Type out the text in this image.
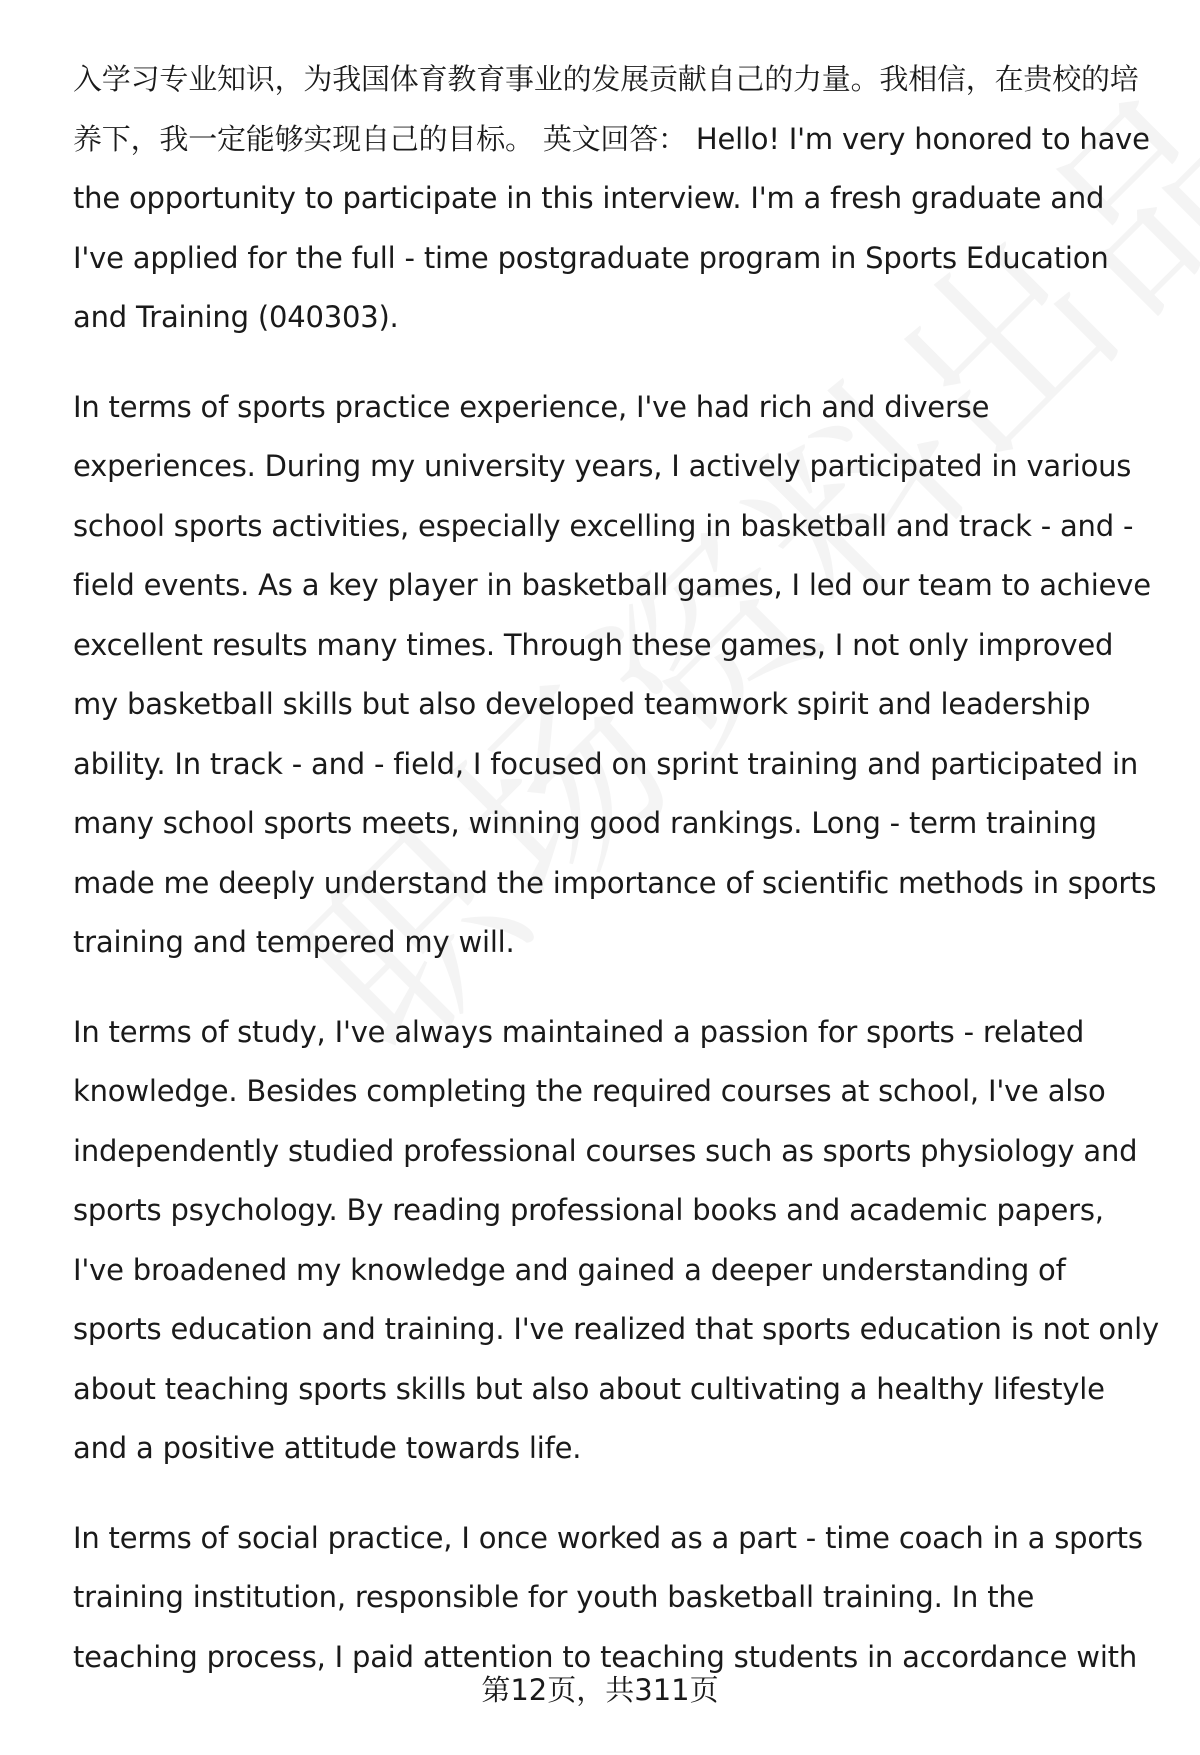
入学习专业知识，为我国体育教育事业的发展贡献自己的力量。我相信，在贵校的培养下，我一定能够实现自己的目标。 英文回答： Hello! I'm very honored to have the opportunity to participate in this interview. I'm a fresh graduate and I've applied for the full - time postgraduate program in Sports Education and Training (040303).

In terms of sports practice experience, I've had rich and diverse experiences. During my university years, I actively participated in various school sports activities, especially excelling in basketball and track - and - field events. As a key player in basketball games, I led our team to achieve excellent results many times. Through these games, I not only improved my basketball skills but also developed teamwork spirit and leadership ability. In track - and - field, I focused on sprint training and participated in many school sports meets, winning good rankings. Long - term training made me deeply understand the importance of scientific methods in sports training and tempered my will.

In terms of study, I've always maintained a passion for sports - related knowledge. Besides completing the required courses at school, I've also independently studied professional courses such as sports physiology and sports psychology. By reading professional books and academic papers, I've broadened my knowledge and gained a deeper understanding of sports education and training. I've realized that sports education is not only about teaching sports skills but also about cultivating a healthy lifestyle and a positive attitude towards life.

In terms of social practice, I once worked as a part - time coach in a sports training institution, responsible for youth basketball training. In the teaching process, I paid attention to teaching students in accordance with

第12页，共311页
